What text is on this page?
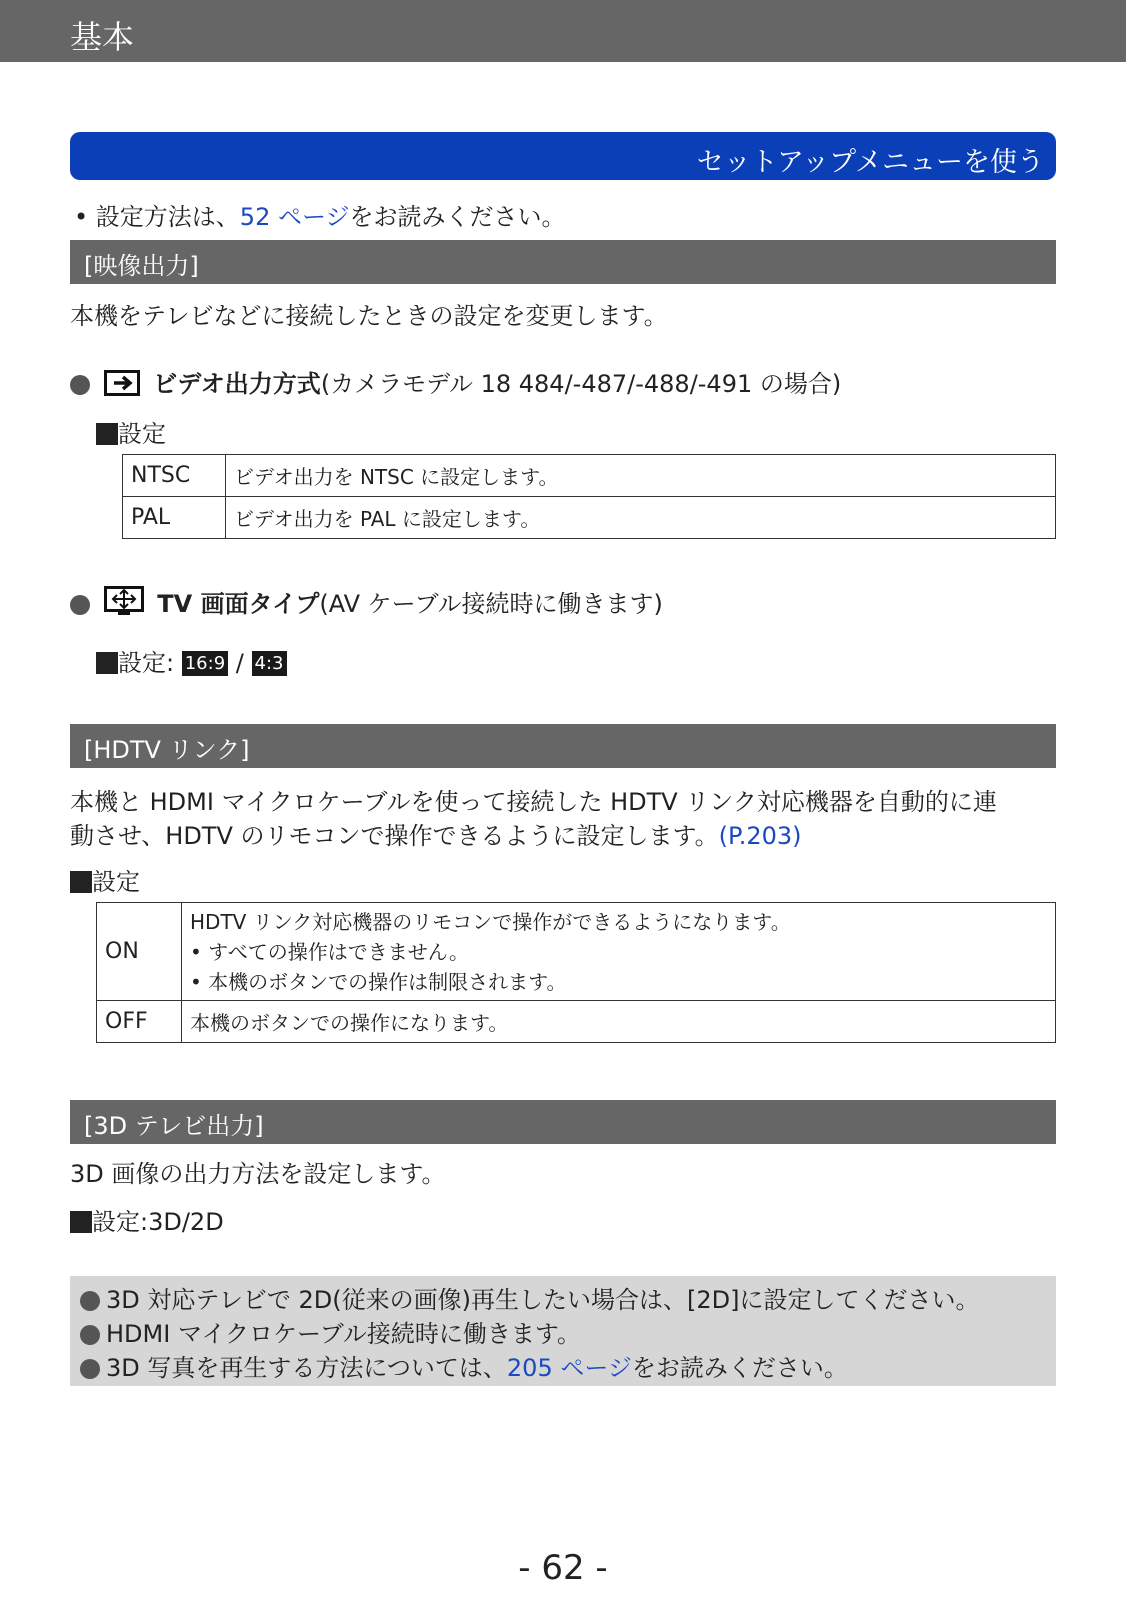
基本
セットアップメニューを使う
• 設定方法は、52 ページをお読みください。
[映像出力]
本機をテレビなどに接続したときの設定を変更します。
ビデオ出力方式(カメラモデル 18 484/-487/-488/-491 の場合)
設定
NTSC	ビデオ出力を NTSC に設定します。
PAL	ビデオ出力を PAL に設定します。
TV 画面タイプ(AV ケーブル接続時に働きます)
設定: 16:9 / 4:3
[HDTV リンク]
本機と HDMI マイクロケーブルを使って接続した HDTV リンク対応機器を自動的に連
動させ、HDTV のリモコンで操作できるように設定します。(P.203)
設定
ON	HDTV リンク対応機器のリモコンで操作ができるようになります。
• すべての操作はできません。
• 本機のボタンでの操作は制限されます。

OFF	本機のボタンでの操作になります。
[3D テレビ出力]
3D 画像の出力方法を設定します。
設定:3D/2D
3D 対応テレビで 2D(従来の画像)再生したい場合は、[2D]に設定してください。
HDMI マイクロケーブル接続時に働きます。
3D 写真を再生する方法については、205 ページをお読みください。
- 62 -
